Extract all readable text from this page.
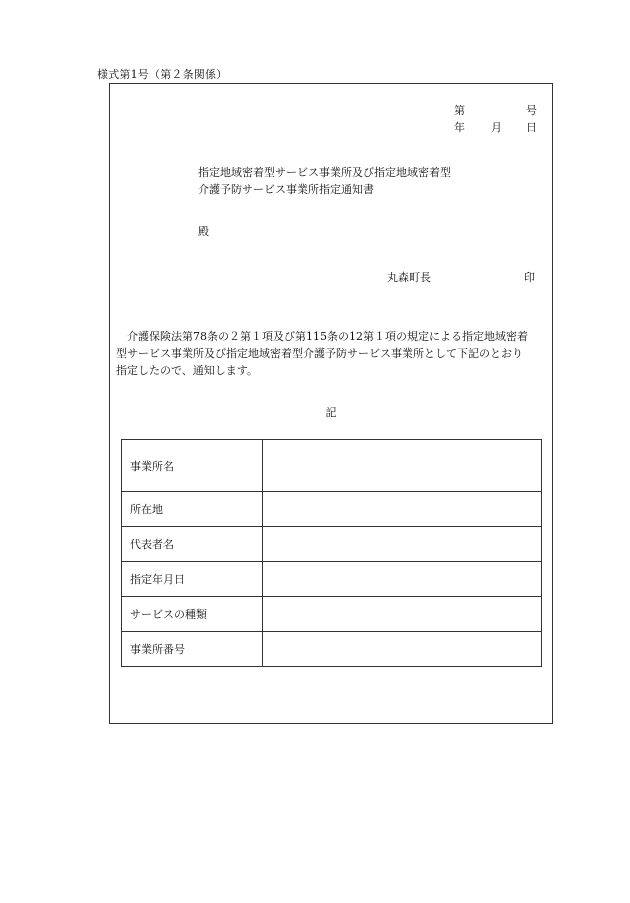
様式第1号（第２条関係）
第	号
年 月 日
指定地域密着型サービス事業所及び指定地域密着型
介護予防サービス事業所指定通知書
殿
丸森町長	印
　介護保険法第78条の２第１項及び第115条の12第１項の規定による指定地域密着
型サービス事業所及び指定地域密着型介護予防サービス事業所として下記のとおり
指定したので、通知します。
記
事業所名	
所在地	
代表者名	
指定年月日	
サービスの種類	
事業所番号	
